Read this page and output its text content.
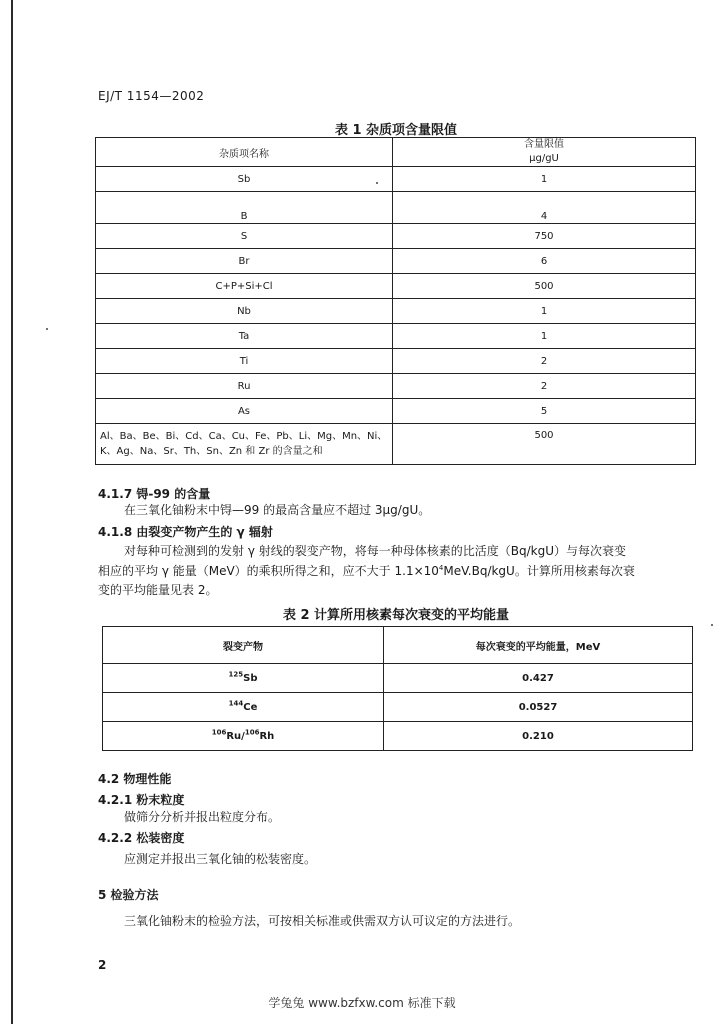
EJ/T 1154—2002
表 1 杂质项含量限值
杂质项名称	含量限值
μg/gU

Sb	1
B	4
S	750
Br	6
C+P+Si+Cl	500
Nb	1
Ta	1
Ti	2
Ru	2
As	5

Al、Ba、Be、Bi、Cd、Ca、Cu、Fe、Pb、Li、Mg、Mn、Ni、
K、Ag、Na、Sr、Th、Sn、Zn 和 Zr 的含量之和	500
4.1.7 锝-99 的含量
在三氧化铀粉末中锝—99 的最高含量应不超过 3μg/gU。
4.1.8 由裂变产物产生的 γ 辐射
对每种可检测到的发射 γ 射线的裂变产物，将每一种母体核素的比活度（Bq/kgU）与每次衰变
相应的平均 γ 能量（MeV）的乘积所得之和，应不大于 $1.1\times 10^4MeV.Bq$/kgU。计算所用核素每次衰
变的平均能量见表 2。
表 2 计算所用核素每次衰变的平均能量
裂变产物	每次衰变的平均能量，MeV
$^{125}$Sb	0.427
$^{144}$Ce	0.0527
$^{106}$Ru/$^{106}$Rh	0.210
4.2 物理性能
4.2.1 粉末粒度
做筛分分析并报出粒度分布。
4.2.2 松装密度
应测定并报出三氧化铀的松装密度。
5 检验方法
三氧化铀粉末的检验方法，可按相关标准或供需双方认可议定的方法进行。
2
学兔兔 www.bzfxw.com 标准下载
